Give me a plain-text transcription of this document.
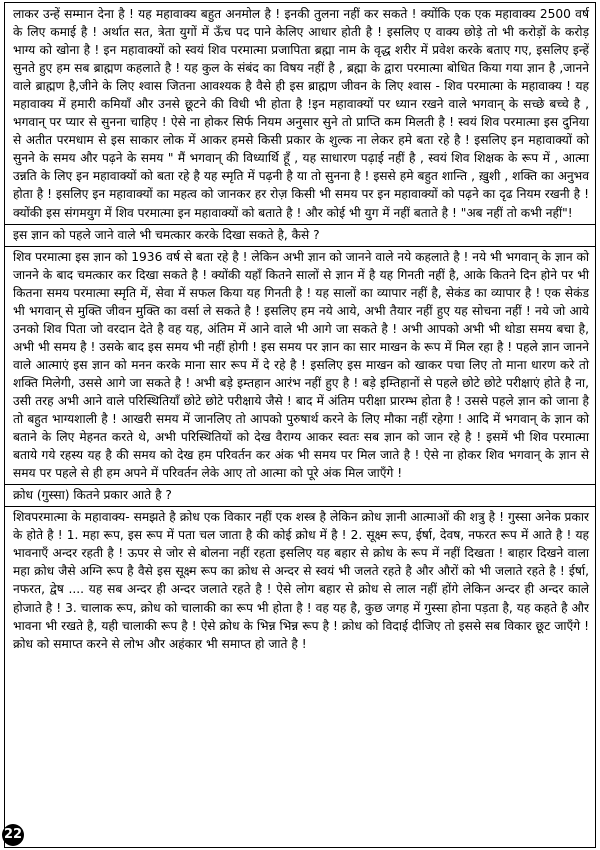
लाकर उन्हें सम्मान देना है ! यह महावाक्य बहुत अनमोल है ! इनकी तुलना नहीं कर सकते ! क्योंकि एक एक महावाक्य 2500 वर्ष के लिए कमाई है ! अर्थात सत, त्रेता युगों में ऊँच पद पाने केलिए आधार होती है ! इसलिए ए वाक्य छोड़े तो भी करोड़ों के करोड़ भाग्य को खोना है ! इन महावाक्यों को स्वयं शिव परमात्मा प्रजापिता ब्रह्मा नाम के वृद्ध शरीर में प्रवेश करके बताए गए, इसलिए इन्हें सुनते हुए हम सब ब्राह्मण कहलाते है ! यह कुल के संबंद का विषय नहीं है , ब्रह्मा के द्वारा परमात्मा बोधित किया गया ज्ञान है ,जानने वाले ब्राह्मण है,जीने के लिए श्वास जितना आवश्यक है वैसे ही इस ब्राह्मण जीवन के लिए श्वास - शिव परमात्मा के महावाक्य ! यह महावाक्य में हमारी कमियाँ और उनसे छूटने की विधी भी होता है !इन महावाक्यों पर ध्यान रखने वाले भगवान् के सच्छे बच्चे है , भगवान् पर प्यार से सुनना चाहिए ! ऐसे ना होकर सिर्फ नियम अनुसार सुने तो प्राप्ति कम मिलती है ! स्वयं शिव परमात्मा इस दुनिया से अतीत परमधाम से इस साकार लोक में आकर हमसे किसी प्रकार के शुल्क ना लेकर हमे बता रहे है ! इसलिए इन महावाक्यों को सुनने के समय और पढ़ने के समय " मैं भगवान् की विध्यार्थि हूँ , यह साधारण पढ़ाई नहीं है , स्वयं शिव शिक्षक के रूप में , आत्मा उन्नति के लिए इन महावाक्यों को बता रहे है यह स्मृति में पढ़नी है या तो सुनना है ! इससे हमे बहुत शान्ति , ख़ुशी , शक्ति का अनुभव होता है ! इसलिए इन महावाक्यों का महत्व को जानकर हर रोज़ किसी भी समय पर इन महावाक्यों को पढ़ने का दृढ नियम रखनी है ! क्योंकी इस संगमयुग में शिव परमात्मा इन महावाक्यों को बताते है ! और कोई भी युग में नहीं बताते है ! "अब नहीं तो कभी नहीं"!

इस ज्ञान को पहले जाने वाले भी चमत्कार करके दिखा सकते है, कैसे ?

शिव परमात्मा इस ज्ञान को 1936 वर्ष से बता रहे है ! लेकिन अभी ज्ञान को जानने वाले नये कहलाते है ! नये भी भगवान् के ज्ञान को जानने के बाद चमत्कार कर दिखा सकते है ! क्योंकी यहाँ कितने सालों से ज्ञान में है यह गिनती नहीं है, आके कितने दिन होने पर भी कितना समय परमात्मा स्मृति में, सेवा में सफल किया यह गिनती है ! यह सालों का व्यापार नहीं है, सेकंड का व्यापार है ! एक सेकंड भी भगवान् से मुक्ति जीवन मुक्ति का वर्सा ले सकते है ! इसलिए हम नये आये, अभी तैयार नहीं हुए यह सोचना नहीं ! नये जो आये उनको शिव पिता जो वरदान देते है वह यह, अंतिम में आने वाले भी आगे जा सकते है ! अभी आपको अभी भी थोडा समय बचा है, अभी भी समय है ! उसके बाद इस समय भी नहीं होगी ! इस समय पर ज्ञान का सार माखन के रूप में मिल रहा है ! पहले ज्ञान जानने वाले आत्माएं इस ज्ञान को मनन करके माना सार रूप में दे रहे है ! इसलिए इस माखन को खाकर पचा लिए तो माना धारण करे तो शक्ति मिलेगी, उससे आगे जा सकते है ! अभी बड़े इम्तहान आरंभ नहीं हुए है ! बड़े इम्तिहानों से पहले छोटे छोटे परीक्षाएं होते है ना, उसी तरह अभी आने वाले परिस्थितियाँ छोटे छोटे परीक्षाये जैसे ! बाद में अंतिम परीक्षा प्रारम्भ होता है ! उससे पहले ज्ञान को जाना है तो बहुत भाग्यशाली है ! आखरी समय में जानलिए तो आपको पुरुषार्थ करने के लिए मौका नहीं रहेगा ! आदि में भगवान् के ज्ञान को बताने के लिए मेहनत करते थे, अभी परिस्थितियों को देख वैराग्य आकर स्वतः सब ज्ञान को जान रहे है ! इसमें भी शिव परमात्मा बताये गये रहस्य यह है की समय को देख हम परिवर्तन कर अंक भी समय पर मिल जाते है ! ऐसे ना होकर शिव भगवान् के ज्ञान से समय पर पहले से ही हम अपने में परिवर्तन लेके आए तो आत्मा को पूरे अंक मिल जाएँगे !

क्रोध (गुस्सा) कितने प्रकार आते है ?

शिवपरमात्मा के महावाक्य- समझते है क्रोध एक विकार नहीं एक शस्त्र है लेकिन क्रोध ज्ञानी आत्माओं की शत्रु है ! गुस्सा अनेक प्रकार के होते है ! 1. महा रूप, इस रूप में पता चल जाता है की कोई क्रोध में है ! 2. सूक्ष्म रूप, ईर्षा, देवष, नफरत रूप में आते है ! यह भावनाएँ अन्दर रहती है ! ऊपर से जोर से बोलना नहीं रहता इसलिए यह बहार से क्रोध के रूप में नहीं दिखता ! बाहार दिखने वाला महा क्रोध जैसे अग्नि रूप है वैसे इस सूक्ष्म रूप का क्रोध से अन्दर से स्वयं भी जलते रहते है और औरों को भी जलाते रहते है ! ईर्षा, नफरत, द्वेष .... यह सब अन्दर ही अन्दर जलाते रहते है ! ऐसे लोग बहार से क्रोध से लाल नहीं होंगे लेकिन अन्दर ही अन्दर काले होजाते है ! 3. चालाक रूप, क्रोध को चालाकी का रूप भी होता है ! वह यह है, कुछ जगह में गुस्सा होना पड़ता है, यह कहते है और भावना भी रखते है, यही चालाकी रूप है ! ऐसे क्रोध के भिन्न भिन्न रूप है ! क्रोध को विदाई दीजिए तो इससे सब विकार छूट जाएँगे ! क्रोध को समाप्त करने से लोभ और अहंकार भी समाप्त हो जाते है !

22
